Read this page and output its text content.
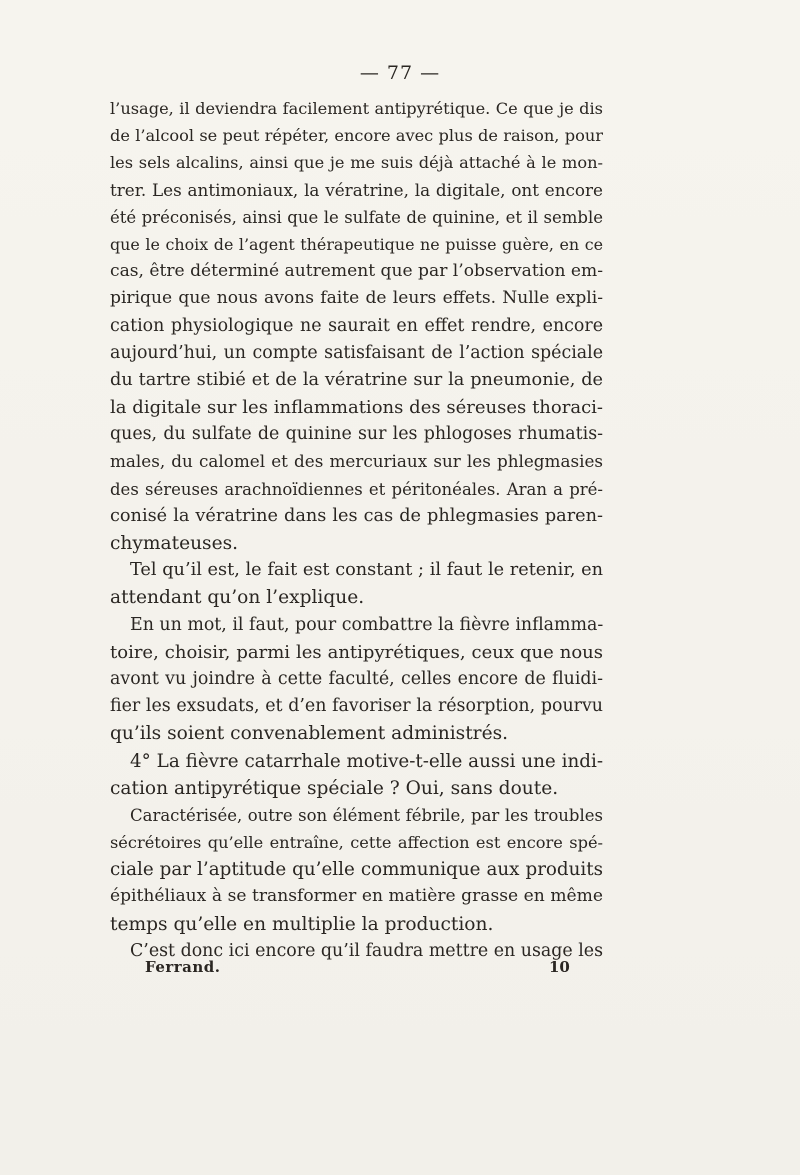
— 77 —
l’usage, il deviendra facilement antipyrétique. Ce que je dis
de l’alcool se peut répéter, encore avec plus de raison, pour
les sels alcalins, ainsi que je me suis déjà attaché à le mon-
trer. Les antimoniaux, la vératrine, la digitale, ont encore
été préconisés, ainsi que le sulfate de quinine, et il semble
que le choix de l’agent thérapeutique ne puisse guère, en ce
cas, être déterminé autrement que par l’observation em-
pirique que nous avons faite de leurs effets. Nulle expli-
cation physiologique ne saurait en effet rendre, encore
aujourd’hui, un compte satisfaisant de l’action spéciale
du tartre stibié et de la vératrine sur la pneumonie, de
la digitale sur les inflammations des séreuses thoraci-
ques, du sulfate de quinine sur les phlogoses rhumatis-
males, du calomel et des mercuriaux sur les phlegmasies
des séreuses arachnoïdiennes et péritonéales. Aran a pré-
conisé la vératrine dans les cas de phlegmasies paren-
chymateuses.
Tel qu’il est, le fait est constant ; il faut le retenir, en
attendant qu’on l’explique.
En un mot, il faut, pour combattre la fièvre inflamma-
toire, choisir, parmi les antipyrétiques, ceux que nous
avont vu joindre à cette faculté, celles encore de fluidi-
fier les exsudats, et d’en favoriser la résorption, pourvu
qu’ils soient convenablement administrés.
4° La fièvre catarrhale motive-t-elle aussi une indi-
cation antipyrétique spéciale ? Oui, sans doute.
Caractérisée, outre son élément fébrile, par les troubles
sécrétoires qu’elle entraîne, cette affection est encore spé-
ciale par l’aptitude qu’elle communique aux produits
épithéliaux à se transformer en matière grasse en même
temps qu’elle en multiplie la production.
C’est donc ici encore qu’il faudra mettre en usage les
Ferrand.	10
